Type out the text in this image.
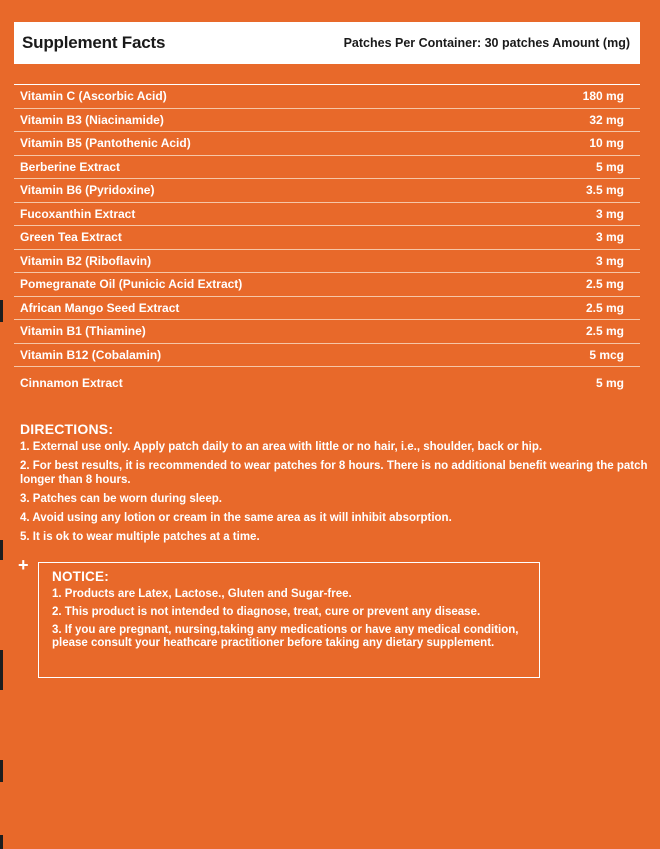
Supplement Facts	Patches Per Container: 30 patches Amount (mg)
Vitamin C (Ascorbic Acid)	180 mg
Vitamin B3 (Niacinamide)	32 mg
Vitamin B5 (Pantothenic Acid)	10 mg
Berberine Extract	5 mg
Vitamin B6 (Pyridoxine)	3.5 mg
Fucoxanthin Extract	3 mg
Green Tea Extract	3 mg
Vitamin B2 (Riboflavin)	3 mg
Pomegranate Oil (Punicic Acid Extract)	2.5 mg
African Mango Seed Extract	2.5 mg
Vitamin B1 (Thiamine)	2.5 mg
Vitamin B12 (Cobalamin)	5 mcg
Cinnamon Extract	5 mg
DIRECTIONS:
1. External use only. Apply patch daily to an area with little or no hair, i.e., shoulder, back or hip.
2. For best results, it is recommended to wear patches for 8 hours. There is no additional benefit wearing the patch longer than 8 hours.
3. Patches can be worn during sleep.
4. Avoid using any lotion or cream in the same area as it will inhibit absorption.
5. It is ok to wear multiple patches at a time.
+
NOTICE:
1. Products are Latex, Lactose., Gluten and Sugar-free.
2. This product is not intended to diagnose, treat, cure or prevent any disease.
3. If you are pregnant, nursing,taking any medications or have any medical condition, please consult your heathcare practitioner before taking any dietary supplement.
